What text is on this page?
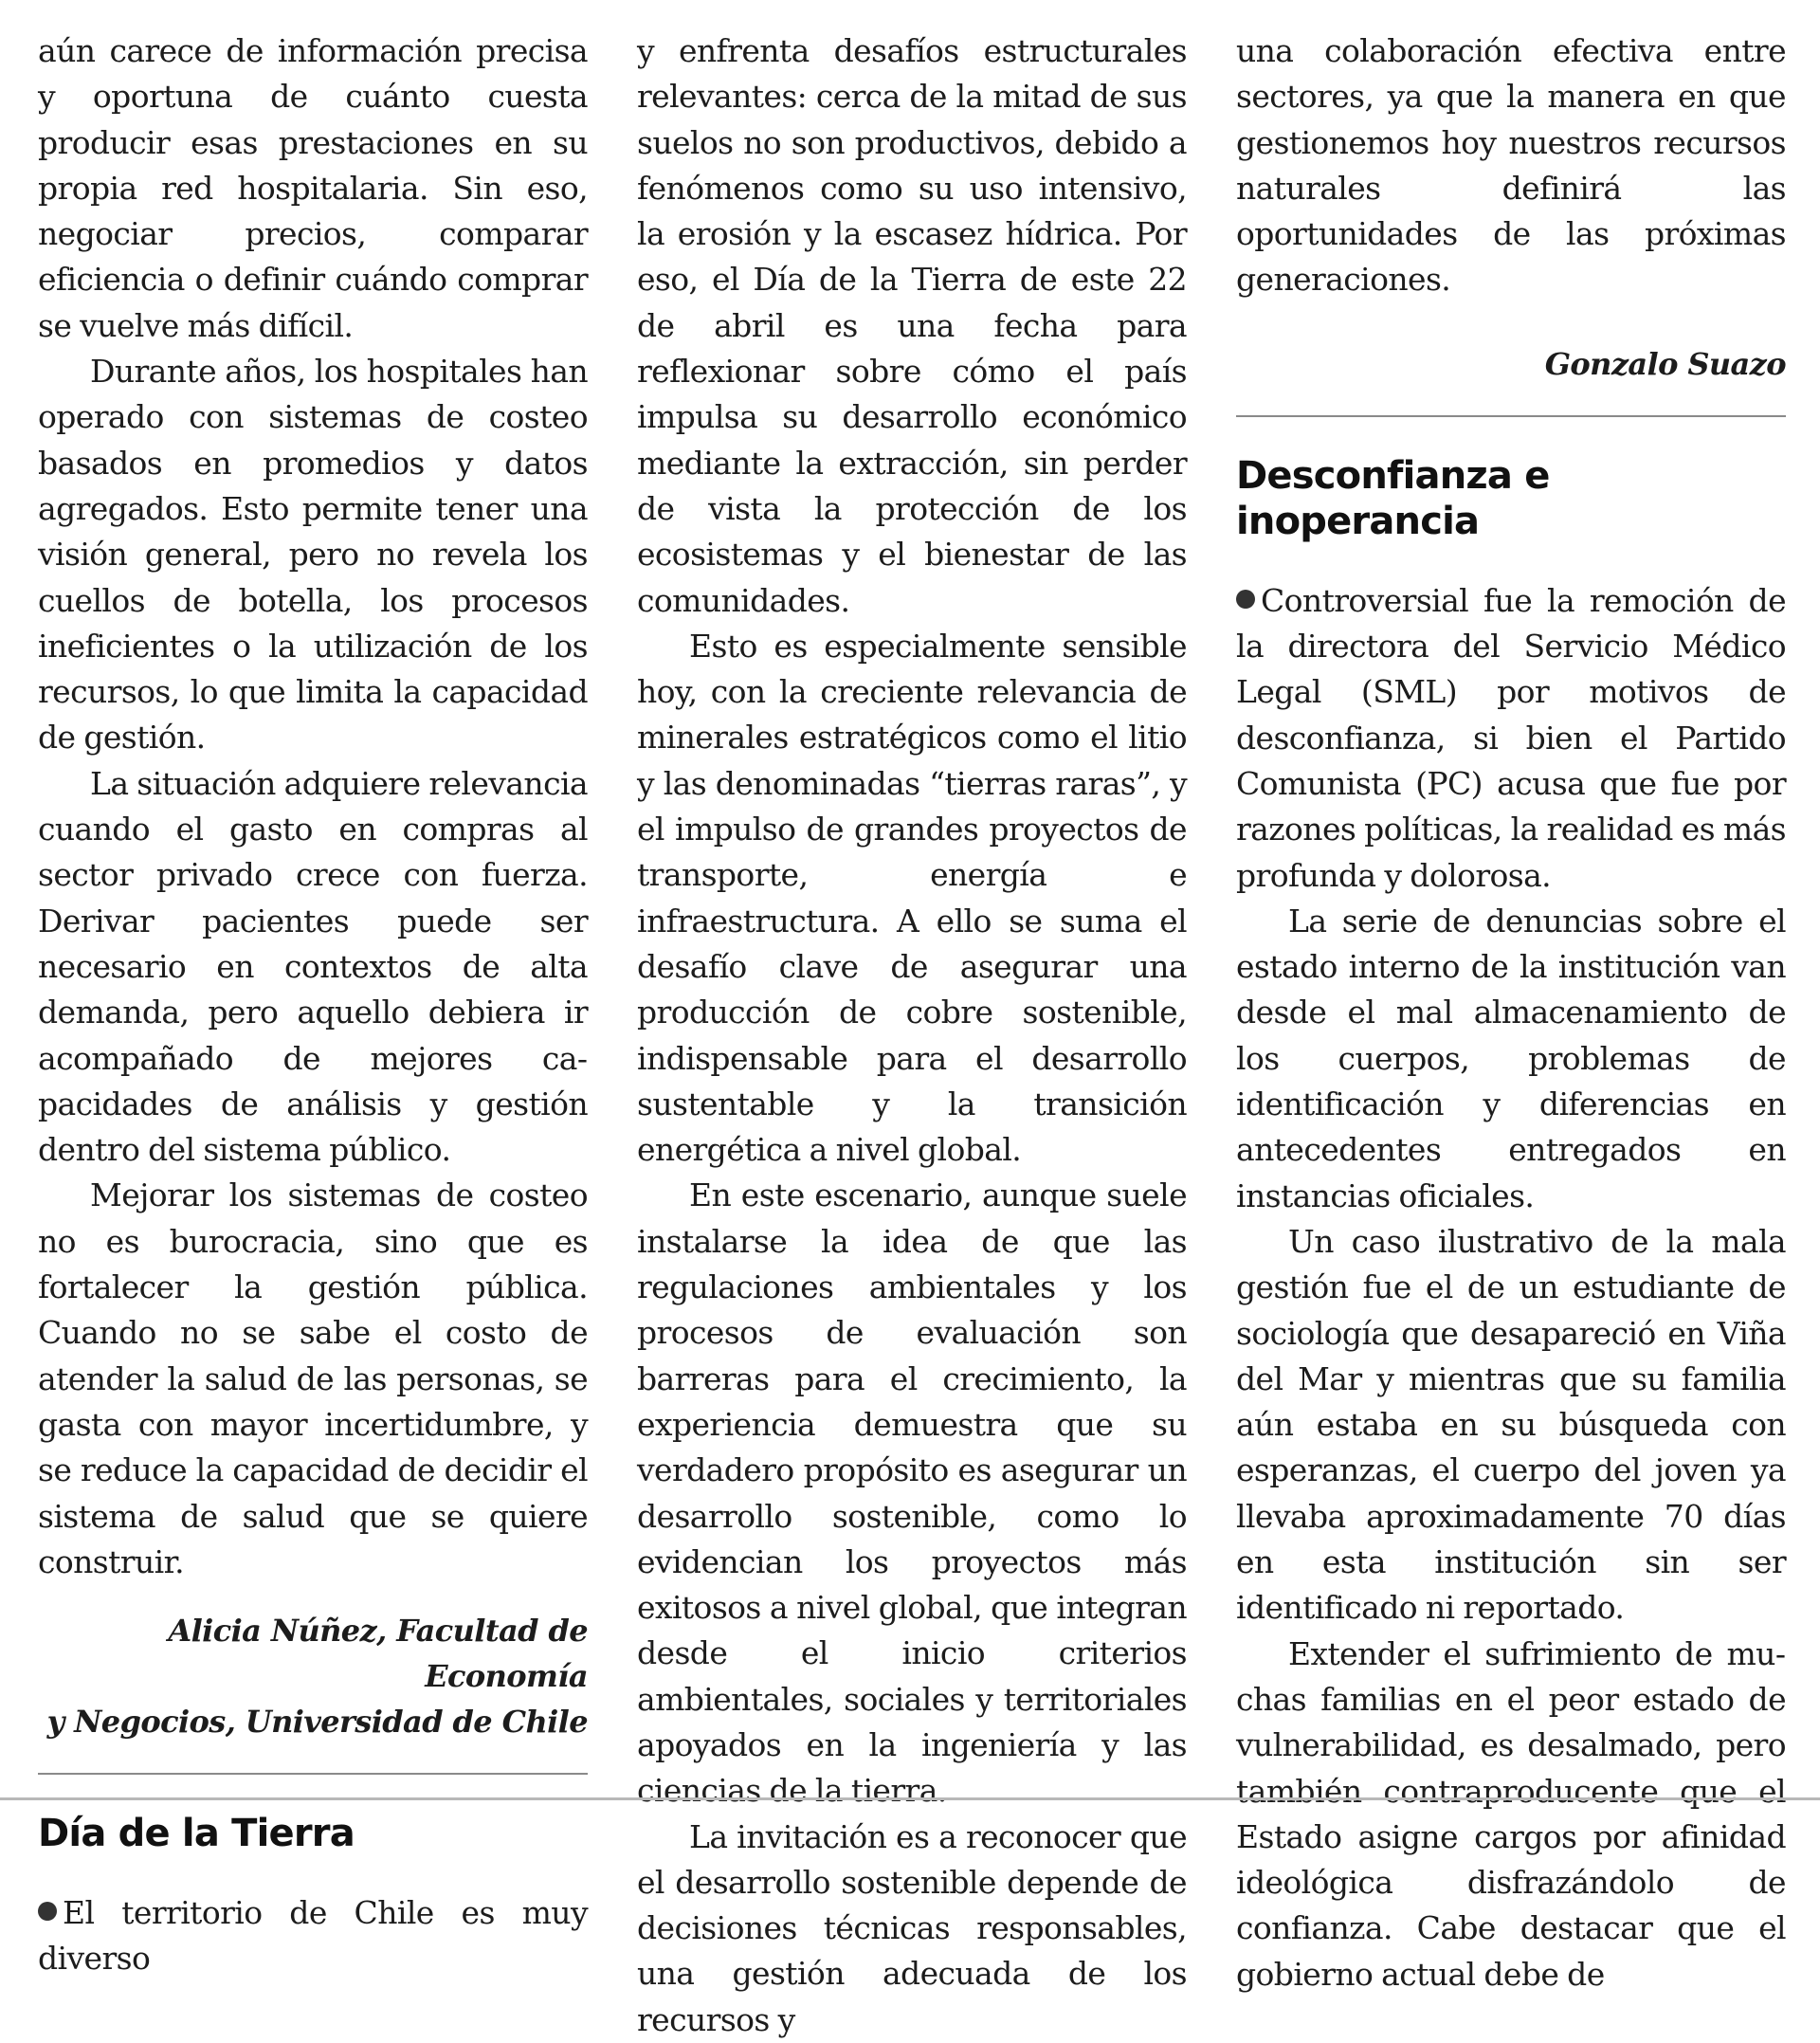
aún carece de información precisa y oportuna de cuánto cuesta producir esas prestaciones en su propia red hospitalaria. Sin eso, negociar precios, comparar eficiencia o definir cuándo comprar se vuelve más difícil.

Durante años, los hospitales han operado con sistemas de costeo basados en promedios y datos agregados. Esto permite tener una visión general, pero no revela los cuellos de botella, los procesos ineficientes o la utilización de los recursos, lo que limita la capacidad de gestión.

La situación adquiere relevancia cuando el gasto en compras al sector privado crece con fuerza. Derivar pacientes puede ser necesario en contextos de alta demanda, pero aquello debiera ir acompañado de mejores capacidades de análisis y gestión dentro del sistema público.

Mejorar los sistemas de costeo no es burocracia, sino que es fortalecer la gestión pública. Cuando no se sabe el costo de atender la salud de las personas, se gasta con mayor incertidumbre, y se reduce la capacidad de decidir el sistema de salud que se quiere construir.

Alicia Núñez, Facultad de Economía
y Negocios, Universidad de Chile
Día de la Tierra

El territorio de Chile es muy diverso

y enfrenta desafíos estructurales relevantes: cerca de la mitad de sus suelos no son productivos, debido a fenómenos como su uso intensivo, la erosión y la escasez hídrica. Por eso, el Día de la Tierra de este 22 de abril es una fecha para reflexionar sobre cómo el país impulsa su desarrollo económico mediante la extracción, sin perder de vista la protección de los ecosistemas y el bienestar de las comunidades.

Esto es especialmente sensible hoy, con la creciente relevancia de minerales estratégicos como el litio y las denominadas “tierras raras”, y el impulso de grandes proyectos de transporte, energía e infraestructura. A ello se suma el desafío clave de asegurar una producción de cobre sostenible, indispensable para el desarrollo sustentable y la transición energética a nivel global.

En este escenario, aunque suele instalarse la idea de que las regulaciones ambientales y los procesos de evaluación son barreras para el crecimiento, la experiencia demuestra que su verdadero propósito es asegurar un desarrollo sostenible, como lo evidencian los proyectos más exitosos a nivel global, que integran desde el inicio criterios ambientales, sociales y territoriales apoyados en la ingeniería y las ciencias de la tierra.

La invitación es a reconocer que el desarrollo sostenible depende de decisiones técnicas responsables, una gestión adecuada de los recursos y

una colaboración efectiva entre sectores, ya que la manera en que gestionemos hoy nuestros recursos naturales definirá las oportunidades de las próximas generaciones.

Gonzalo Suazo
Desconfianza e inoperancia

Controversial fue la remoción de la directora del Servicio Médico Legal (SML) por motivos de desconfianza, si bien el Partido Comunista (PC) acusa que fue por razones políticas, la realidad es más profunda y dolorosa.

La serie de denuncias sobre el estado interno de la institución van desde el mal almacenamiento de los cuerpos, problemas de identificación y diferencias en antecedentes entregados en instancias oficiales.

Un caso ilustrativo de la mala gestión fue el de un estudiante de sociología que desapareció en Viña del Mar y mientras que su familia aún estaba en su búsqueda con esperanzas, el cuerpo del joven ya llevaba aproximadamente 70 días en esta institución sin ser identificado ni reportado.

Extender el sufrimiento de muchas familias en el peor estado de vulnerabilidad, es desalmado, pero también contraproducente que el Estado asigne cargos por afinidad ideológica disfrazándolo de confianza. Cabe destacar que el gobierno actual debe de
